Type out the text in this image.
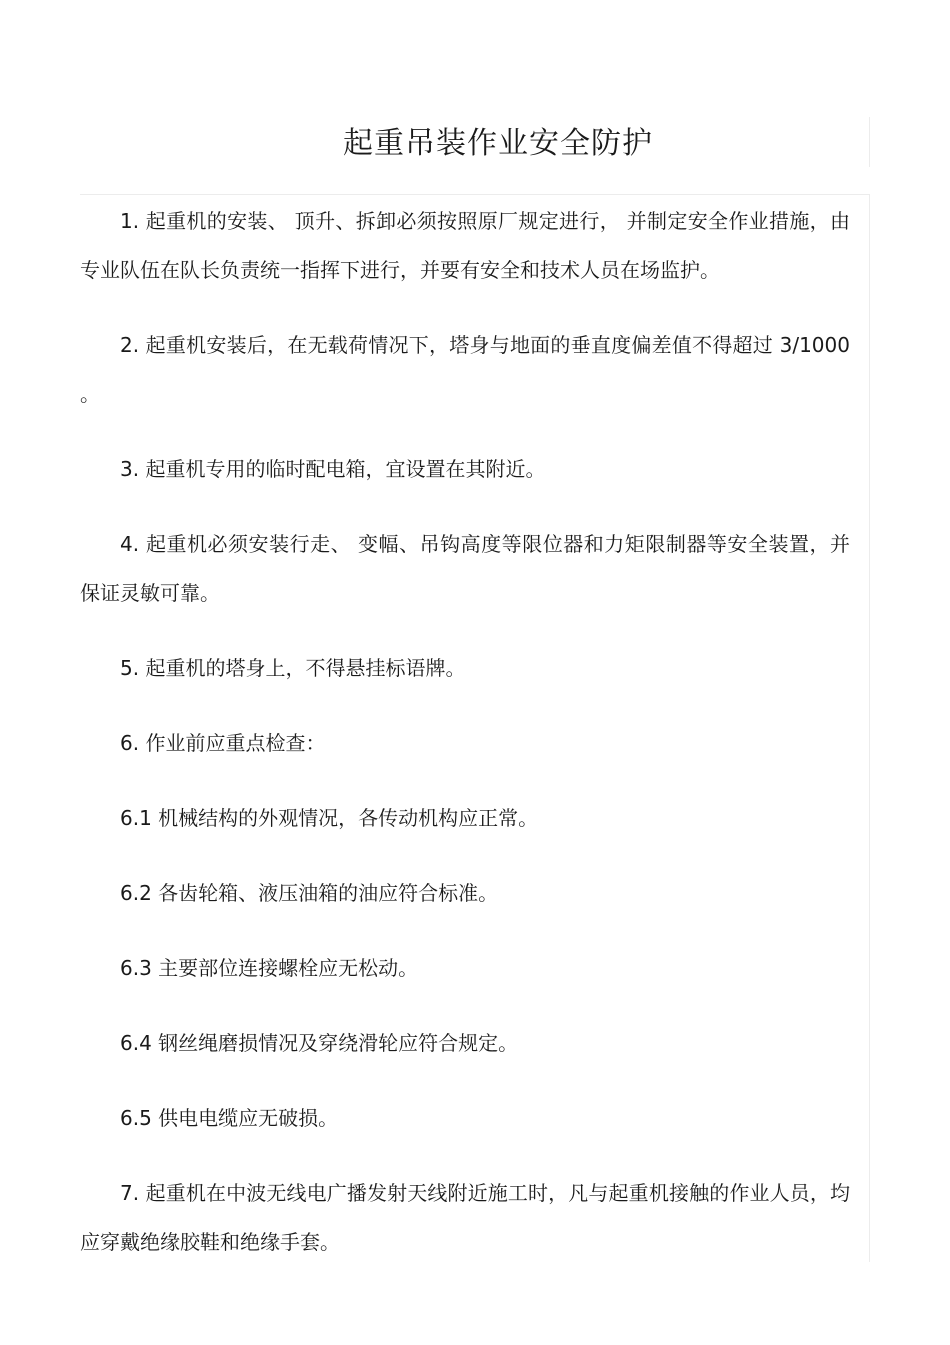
起重吊装作业安全防护

1. 起重机的安装、 顶升、拆卸必须按照原厂规定进行， 并制定安全作业措施，由专业队伍在队长负责统一指挥下进行，并要有安全和技术人员在场监护。

2. 起重机安装后，在无载荷情况下，塔身与地面的垂直度偏差值不得超过 3/1000 。

3. 起重机专用的临时配电箱，宜设置在其附近。

4. 起重机必须安装行走、 变幅、吊钩高度等限位器和力矩限制器等安全装置，并保证灵敏可靠。

5. 起重机的塔身上，不得悬挂标语牌。

6. 作业前应重点检查：

6.1 机械结构的外观情况，各传动机构应正常。

6.2 各齿轮箱、液压油箱的油应符合标准。

6.3 主要部位连接螺栓应无松动。

6.4 钢丝绳磨损情况及穿绕滑轮应符合规定。

6.5 供电电缆应无破损。

7. 起重机在中波无线电广播发射天线附近施工时，凡与起重机接触的作业人员，均应穿戴绝缘胶鞋和绝缘手套。
